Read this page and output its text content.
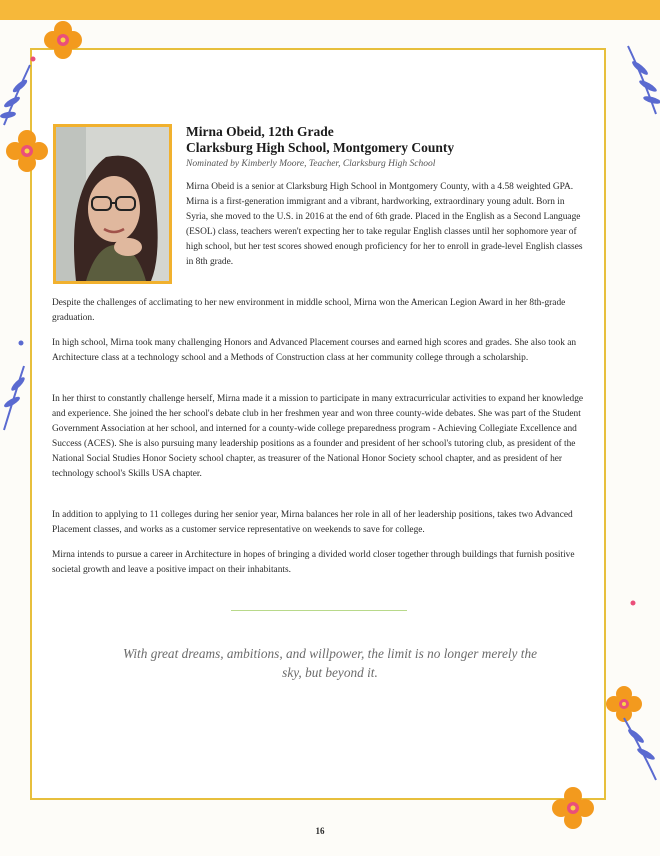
Mirna Obeid, 12th Grade
Clarksburg High School, Montgomery County
Nominated by Kimberly Moore, Teacher, Clarksburg High School
Mirna Obeid is a senior at Clarksburg High School in Montgomery County, with a 4.58 weighted GPA. Mirna is a first-generation immigrant and a vibrant, hardworking, extraordinary young adult. Born in Syria, she moved to the U.S. in 2016 at the end of 6th grade. Placed in the English as a Second Language (ESOL) class, teachers weren't expecting her to take regular English classes until her sophomore year of high school, but her test scores showed enough proficiency for her to enroll in grade-level English classes in 8th grade.

Despite the challenges of acclimating to her new environment in middle school, Mirna won the American Legion Award in her 8th-grade graduation.

In high school, Mirna took many challenging Honors and Advanced Placement courses and earned high scores and grades. She also took an Architecture class at a technology school and a Methods of Construction class at her community college through a scholarship.

In her thirst to constantly challenge herself, Mirna made it a mission to participate in many extracurricular activities to expand her knowledge and experience. She joined the her school's debate club in her freshmen year and won three county-wide debates. She was part of the Student Government Association at her school, and interned for a county-wide college preparedness program - Achieving Collegiate Excellence and Success (ACES). She is also pursuing many leadership positions as a founder and president of her school's tutoring club, as president of the National Social Studies Honor Society school chapter, as treasurer of the National Honor Society school chapter, and as president of her technology school's Skills USA chapter.

In addition to applying to 11 colleges during her senior year, Mirna balances her role in all of her leadership positions, takes two Advanced Placement classes, and works as a customer service representative on weekends to save for college.

Mirna intends to pursue a career in Architecture in hopes of bringing a divided world closer together through buildings that furnish positive societal growth and leave a positive impact on their inhabitants.

With great dreams, ambitions, and willpower, the limit is no longer merely the sky, but beyond it.
16
